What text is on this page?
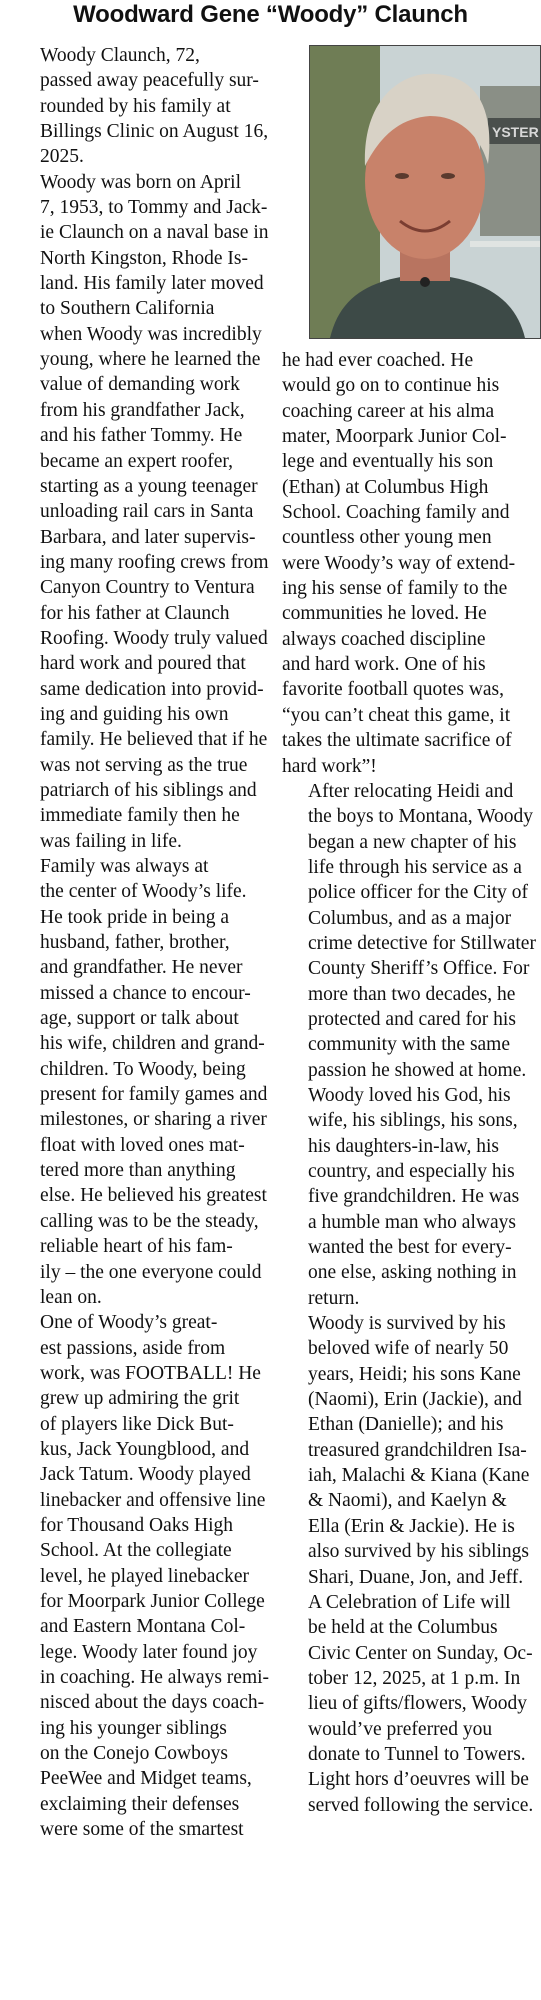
Woodward Gene “Woody” Claunch
YSTER

Woody Claunch, 72,
passed away peacefully sur-
rounded by his family at
Billings Clinic on August 16,
2025.

Woody was born on April
7, 1953, to Tommy and Jack-
ie Claunch on a naval base in
North Kingston, Rhode Is-
land. His family later moved
to Southern California
when Woody was incredibly
young, where he learned the
value of demanding work
from his grandfather Jack,
and his father Tommy. He
became an expert roofer,
starting as a young teenager
unloading rail cars in Santa
Barbara, and later supervis-
ing many roofing crews from
Canyon Country to Ventura
for his father at Claunch
Roofing. Woody truly valued
hard work and poured that
same dedication into provid-
ing and guiding his own
family. He believed that if he
was not serving as the true
patriarch of his siblings and
immediate family then he
was failing in life.

Family was always at
the center of Woody’s life.
He took pride in being a
husband, father, brother,
and grandfather. He never
missed a chance to encour-
age, support or talk about
his wife, children and grand-
children. To Woody, being
present for family games and
milestones, or sharing a river
float with loved ones mat-
tered more than anything
else. He believed his greatest
calling was to be the steady,
reliable heart of his fam-
ily – the one everyone could
lean on.

One of Woody’s great-
est passions, aside from
work, was FOOTBALL! He
grew up admiring the grit
of players like Dick But-
kus, Jack Youngblood, and
Jack Tatum. Woody played
linebacker and offensive line
for Thousand Oaks High
School. At the collegiate
level, he played linebacker
for Moorpark Junior College
and Eastern Montana Col-
lege. Woody later found joy
in coaching. He always remi-
nisced about the days coach-
ing his younger siblings
on the Conejo Cowboys
PeeWee and Midget teams,
exclaiming their defenses
were some of the smartest

he had ever coached. He
would go on to continue his
coaching career at his alma
mater, Moorpark Junior Col-
lege and eventually his son
(Ethan) at Columbus High
School. Coaching family and
countless other young men
were Woody’s way of extend-
ing his sense of family to the
communities he loved. He
always coached discipline
and hard work. One of his
favorite football quotes was,
“you can’t cheat this game, it
takes the ultimate sacrifice of
hard work”!

After relocating Heidi and
the boys to Montana, Woody
began a new chapter of his
life through his service as a
police officer for the City of
Columbus, and as a major
crime detective for Stillwater
County Sheriff’s Office. For
more than two decades, he
protected and cared for his
community with the same
passion he showed at home.
Woody loved his God, his
wife, his siblings, his sons,
his daughters-in-law, his
country, and especially his
five grandchildren. He was
a humble man who always
wanted the best for every-
one else, asking nothing in
return.

Woody is survived by his
beloved wife of nearly 50
years, Heidi; his sons Kane
(Naomi), Erin (Jackie), and
Ethan (Danielle); and his
treasured grandchildren Isa-
iah, Malachi & Kiana (Kane
& Naomi), and Kaelyn &
Ella (Erin & Jackie). He is
also survived by his siblings
Shari, Duane, Jon, and Jeff.

A Celebration of Life will
be held at the Columbus
Civic Center on Sunday, Oc-
tober 12, 2025, at 1 p.m. In
lieu of gifts/flowers, Woody
would’ve preferred you
donate to Tunnel to Towers.
Light hors d’oeuvres will be
served following the service.
